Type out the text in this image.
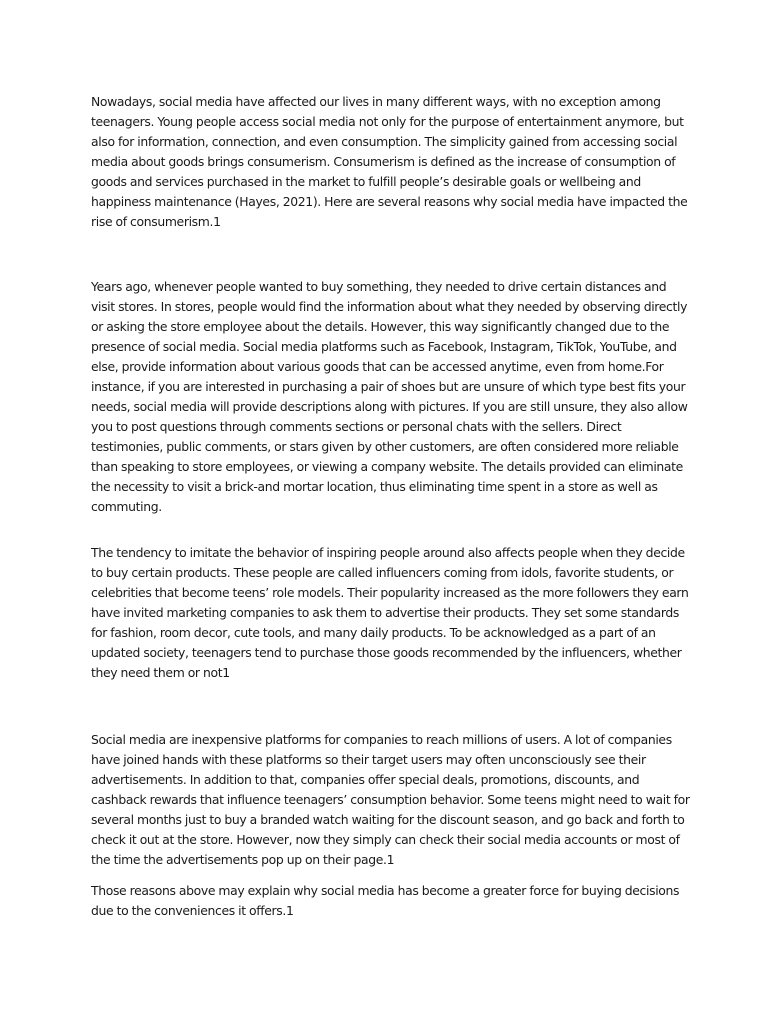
Nowadays, social media have affected our lives in many different ways, with no exception among teenagers. Young people access social media not only for the purpose of entertainment anymore, but also for information, connection, and even consumption. The simplicity gained from accessing social media about goods brings consumerism. Consumerism is defined as the increase of consumption of goods and services purchased in the market to fulfill people’s desirable goals or wellbeing and happiness maintenance (Hayes, 2021). Here are several reasons why social media have impacted the rise of consumerism.1

Years ago, whenever people wanted to buy something, they needed to drive certain distances and visit stores. In stores, people would find the information about what they needed by observing directly or asking the store employee about the details. However, this way significantly changed due to the presence of social media. Social media platforms such as Facebook, Instagram, TikTok, YouTube, and else, provide information about various goods that can be accessed anytime, even from home.For instance, if you are interested in purchasing a pair of shoes but are unsure of which type best fits your needs, social media will provide descriptions along with pictures. If you are still unsure, they also allow you to post questions through comments sections or personal chats with the sellers. Direct testimonies, public comments, or stars given by other customers, are often considered more reliable than speaking to store employees, or viewing a company website. The details provided can eliminate the necessity to visit a brick-and mortar location, thus eliminating time spent in a store as well as commuting.

The tendency to imitate the behavior of inspiring people around also affects people when they decide to buy certain products. These people are called influencers coming from idols, favorite students, or celebrities that become teens’ role models. Their popularity increased as the more followers they earn have invited marketing companies to ask them to advertise their products. They set some standards for fashion, room decor, cute tools, and many daily products. To be acknowledged as a part of an updated society, teenagers tend to purchase those goods recommended by the influencers, whether they need them or not1

Social media are inexpensive platforms for companies to reach millions of users. A lot of companies have joined hands with these platforms so their target users may often unconsciously see their advertisements. In addition to that, companies offer special deals, promotions, discounts, and cashback rewards that influence teenagers’ consumption behavior. Some teens might need to wait for several months just to buy a branded watch waiting for the discount season, and go back and forth to check it out at the store. However, now they simply can check their social media accounts or most of the time the advertisements pop up on their page.1

Those reasons above may explain why social media has become a greater force for buying decisions due to the conveniences it offers.1
